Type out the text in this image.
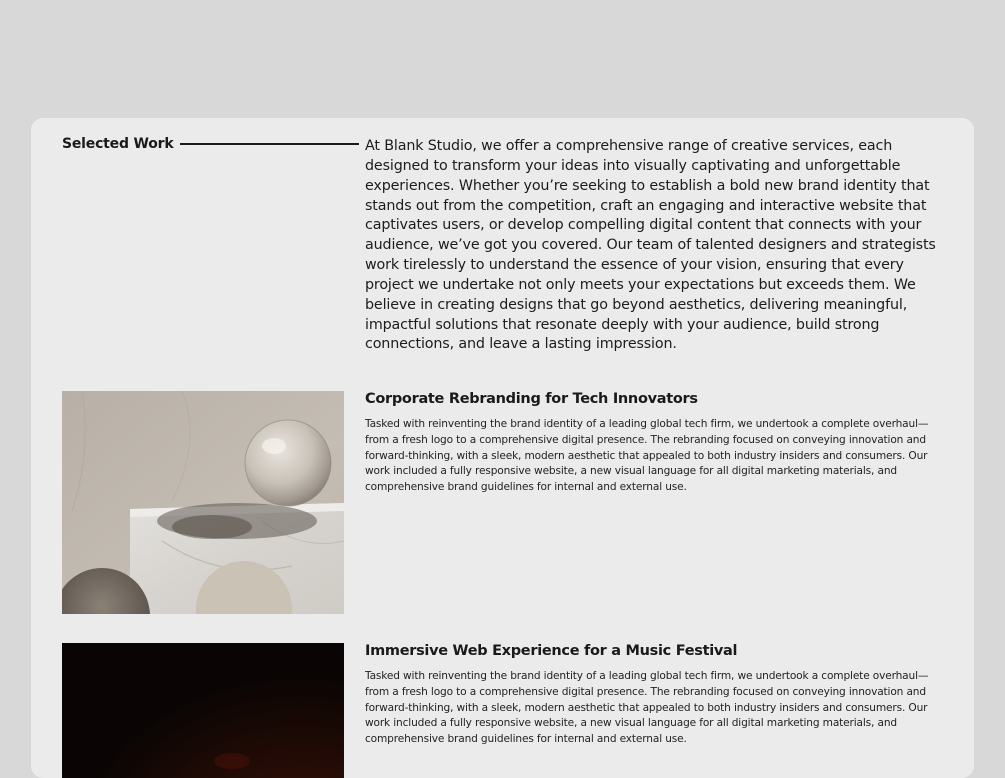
Selected Work	At Blank Studio, we offer a comprehensive range of creative services, each designed to transform your ideas into visually captivating and unforgettable experiences. Whether you’re seeking to establish a bold new brand identity that stands out from the competition, craft an engaging and interactive website that captivates users, or develop compelling digital content that connects with your audience, we’ve got you covered. Our team of talented designers and strategists work tirelessly to understand the essence of your vision, ensuring that every project we undertake not only meets your expectations but exceeds them. We believe in creating designs that go beyond aesthetics, delivering meaningful, impactful solutions that resonate deeply with your audience, build strong connections, and leave a lasting impression.

Corporate Rebranding for Tech Innovators

Tasked with reinventing the brand identity of a leading global tech firm, we undertook a complete overhaul—from a fresh logo to a comprehensive digital presence. The rebranding focused on conveying innovation and forward-thinking, with a sleek, modern aesthetic that appealed to both industry insiders and consumers. Our work included a fully responsive website, a new visual language for all digital marketing materials, and comprehensive brand guidelines for internal and external use.

Immersive Web Experience for a Music Festival

Tasked with reinventing the brand identity of a leading global tech firm, we undertook a complete overhaul—from a fresh logo to a comprehensive digital presence. The rebranding focused on conveying innovation and forward-thinking, with a sleek, modern aesthetic that appealed to both industry insiders and consumers. Our work included a fully responsive website, a new visual language for all digital marketing materials, and comprehensive brand guidelines for internal and external use.
